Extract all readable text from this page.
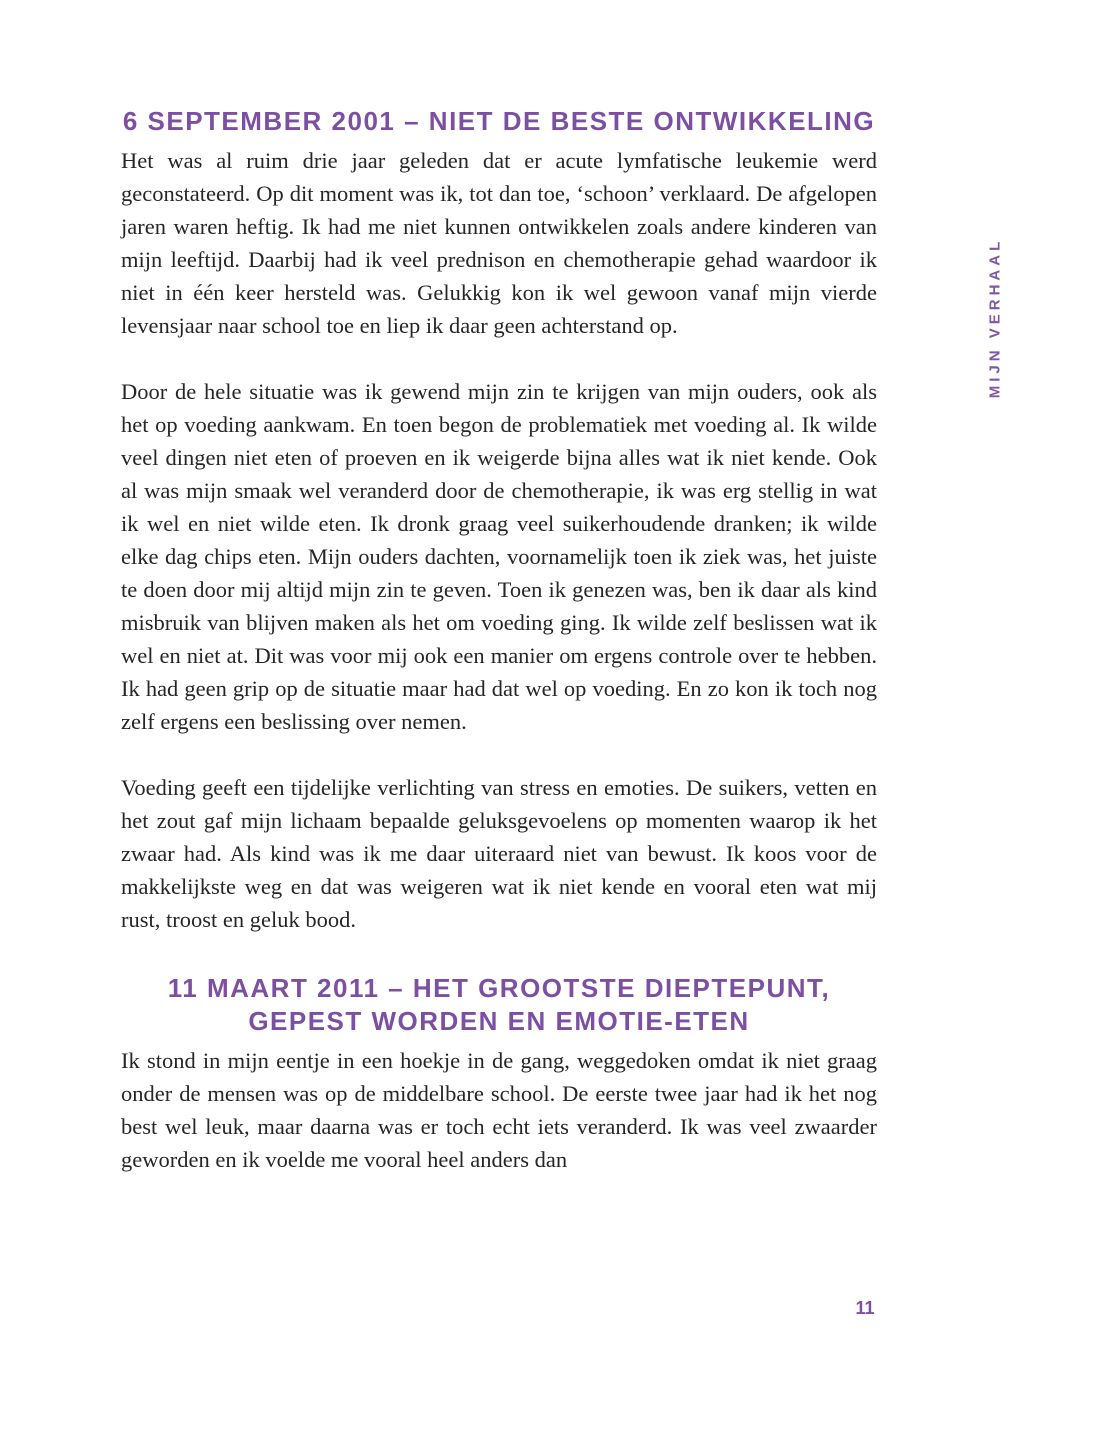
6 SEPTEMBER 2001 – NIET DE BESTE ONTWIKKELING

Het was al ruim drie jaar geleden dat er acute lymfatische leukemie werd geconstateerd. Op dit moment was ik, tot dan toe, ‘schoon’ verklaard. De afgelopen jaren waren heftig. Ik had me niet kunnen ontwikkelen zoals andere kinderen van mijn leeftijd. Daarbij had ik veel prednison en chemotherapie gehad waardoor ik niet in één keer hersteld was. Gelukkig kon ik wel gewoon vanaf mijn vierde levensjaar naar school toe en liep ik daar geen achterstand op.

Door de hele situatie was ik gewend mijn zin te krijgen van mijn ouders, ook als het op voeding aankwam. En toen begon de problematiek met voeding al. Ik wilde veel dingen niet eten of proeven en ik weigerde bijna alles wat ik niet kende. Ook al was mijn smaak wel veranderd door de chemotherapie, ik was erg stellig in wat ik wel en niet wilde eten. Ik dronk graag veel suikerhoudende dranken; ik wilde elke dag chips eten. Mijn ouders dachten, voornamelijk toen ik ziek was, het juiste te doen door mij altijd mijn zin te geven. Toen ik genezen was, ben ik daar als kind misbruik van blijven maken als het om voeding ging. Ik wilde zelf beslissen wat ik wel en niet at. Dit was voor mij ook een manier om ergens controle over te hebben. Ik had geen grip op de situatie maar had dat wel op voeding. En zo kon ik toch nog zelf ergens een beslissing over nemen.

Voeding geeft een tijdelijke verlichting van stress en emoties. De suikers, vetten en het zout gaf mijn lichaam bepaalde geluksgevoelens op momenten waarop ik het zwaar had. Als kind was ik me daar uiteraard niet van bewust. Ik koos voor de makkelijkste weg en dat was weigeren wat ik niet kende en vooral eten wat mij rust, troost en geluk bood.

11 MAART 2011 – HET GROOTSTE DIEPTEPUNT,
GEPEST WORDEN EN EMOTIE-ETEN

Ik stond in mijn eentje in een hoekje in de gang, weggedoken omdat ik niet graag onder de mensen was op de middelbare school. De eerste twee jaar had ik het nog best wel leuk, maar daarna was er toch echt iets veranderd. Ik was veel zwaarder geworden en ik voelde me vooral heel anders dan

MIJN VERHAAL
11
